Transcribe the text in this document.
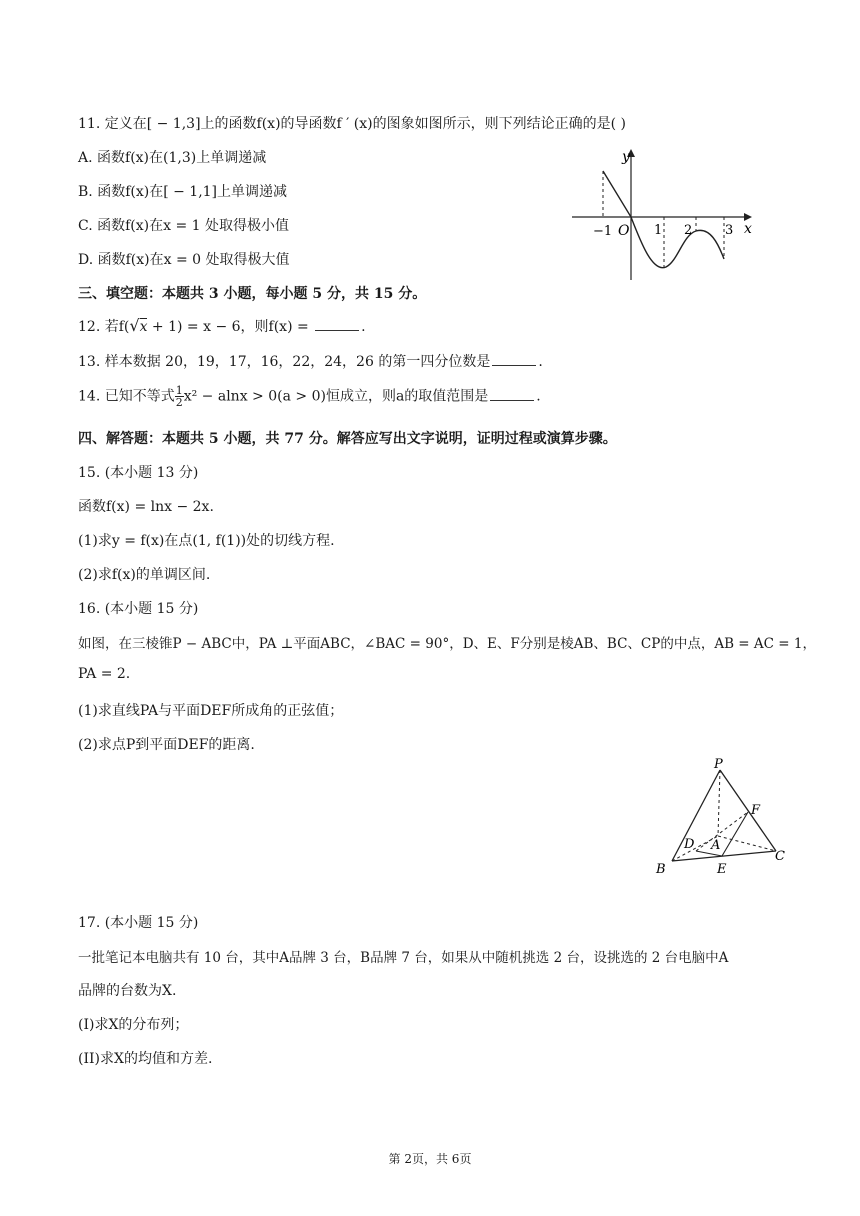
11. 定义在[ − 1,3]上的函数f(x)的导函数f ′ (x)的图象如图所示，则下列结论正确的是( )
A. 函数f(x)在(1,3)上单调递减
B. 函数f(x)在[ − 1,1]上单调递减
C. 函数f(x)在x = 1 处取得极小值
D. 函数f(x)在x = 0 处取得极大值
y
x
O
−1	1 2	3
三、填空题：本题共 3 小题，每小题 5 分，共 15 分。
12. 若f(√x + 1) = x − 6，则f(x) =	.
13. 样本数据 20，19，17，16，22，24，26 的第一四分位数是	.
14. 已知不等式 $\frac{1}{2} x^2 - alnx > 0(a > 0)$恒成立，则a的取值范围是	.
四、解答题：本题共 5 小题，共 77 分。解答应写出文字说明，证明过程或演算步骤。
15. (本小题 13 分)
函数f(x) = lnx − 2x.
(1)求y = f(x)在点(1, f(1))处的切线方程.
(2)求f(x)的单调区间.
16. (本小题 15 分)
如图，在三棱锥P − ABC中，PA ⊥平面ABC，∠BAC = 90°，D、E、F分别是棱AB、BC、CP的中点，AB = AC = 1，
PA = 2.
(1)求直线PA与平面DEF所成角的正弦值；
(2)求点P到平面DEF的距离.
P
F
D A
C
B	E
17. (本小题 15 分)
一批笔记本电脑共有 10 台，其中A品牌 3 台，B品牌 7 台，如果从中随机挑选 2 台，设挑选的 2 台电脑中A
品牌的台数为X.
(I)求X的分布列；
(II)求X的均值和方差.
第 2页，共 6页
